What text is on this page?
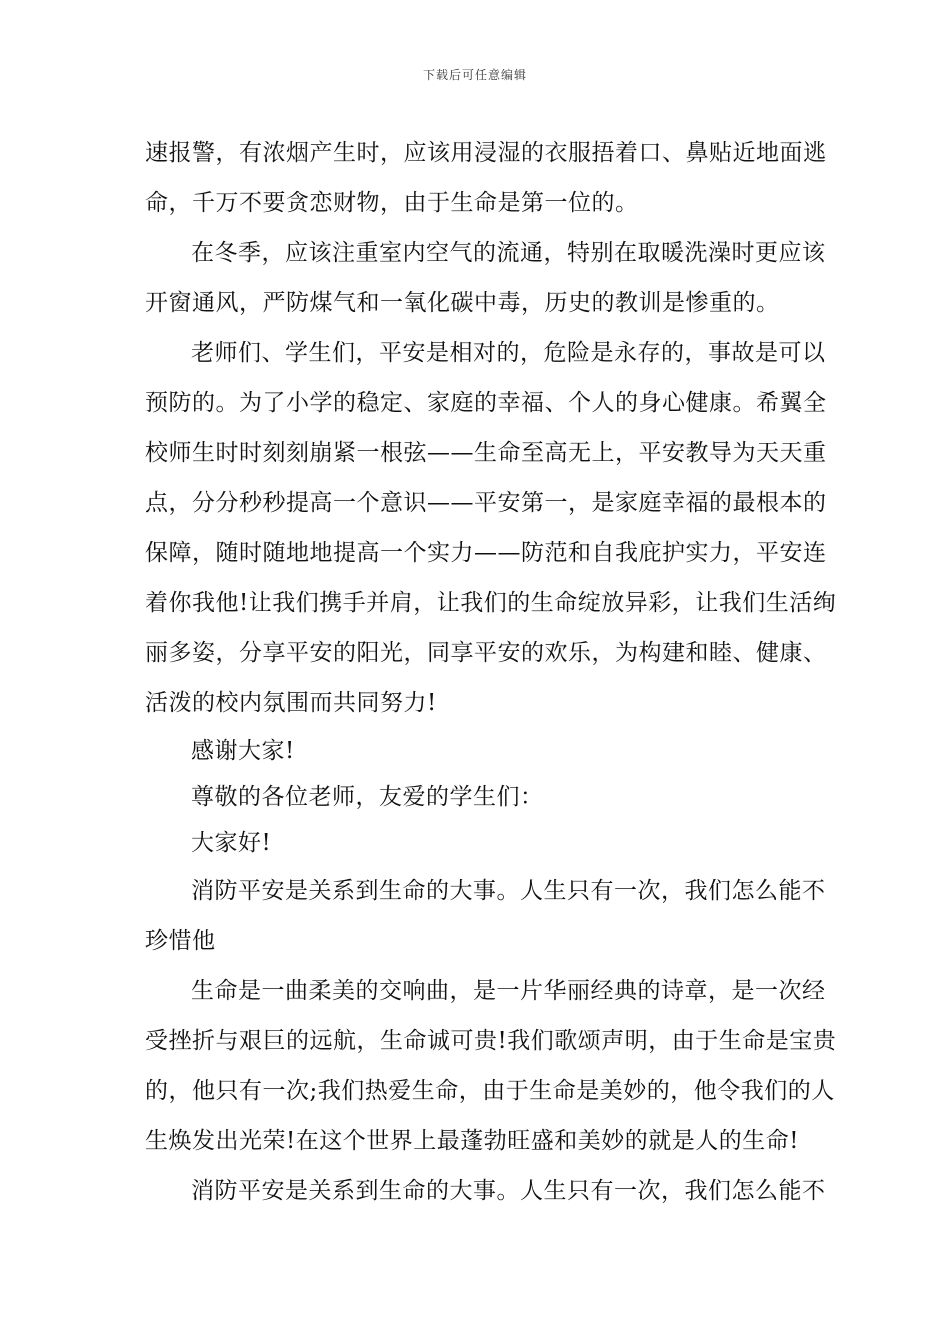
下载后可任意编辑
速报警，有浓烟产生时，应该用浸湿的衣服捂着口、鼻贴近地面逃
命，千万不要贪恋财物，由于生命是第一位的。
在冬季，应该注重室内空气的流通，特别在取暖洗澡时更应该
开窗通风，严防煤气和一氧化碳中毒，历史的教训是惨重的。
老师们、学生们，平安是相对的，危险是永存的，事故是可以
预防的。为了小学的稳定、家庭的幸福、个人的身心健康。希翼全
校师生时时刻刻崩紧一根弦——生命至高无上，平安教导为天天重
点，分分秒秒提高一个意识——平安第一，是家庭幸福的最根本的
保障，随时随地地提高一个实力——防范和自我庇护实力，平安连
着你我他!让我们携手并肩，让我们的生命绽放异彩，让我们生活绚
丽多姿，分享平安的阳光，同享平安的欢乐，为构建和睦、健康、
活泼的校内氛围而共同努力!
感谢大家!
尊敬的各位老师，友爱的学生们：
大家好!
消防平安是关系到生命的大事。人生只有一次，我们怎么能不
珍惜他
生命是一曲柔美的交响曲，是一片华丽经典的诗章，是一次经
受挫折与艰巨的远航，生命诚可贵!我们歌颂声明，由于生命是宝贵
的，他只有一次;我们热爱生命，由于生命是美妙的，他令我们的人
生焕发出光荣!在这个世界上最蓬勃旺盛和美妙的就是人的生命!
消防平安是关系到生命的大事。人生只有一次，我们怎么能不
